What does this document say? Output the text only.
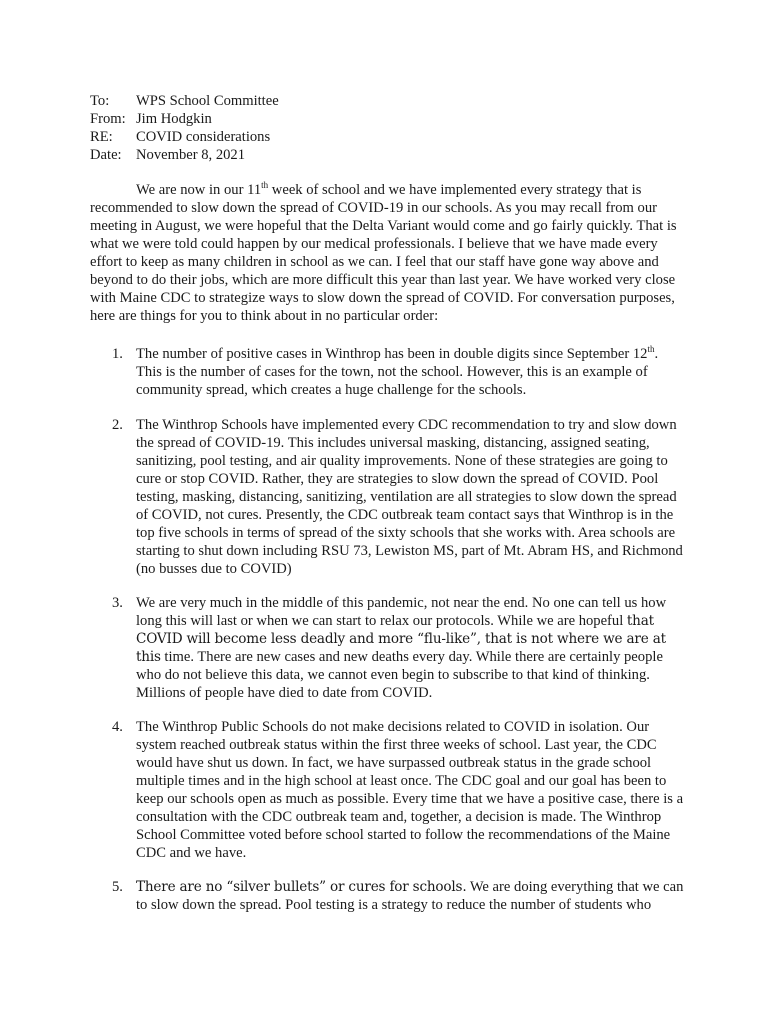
To:	WPS School Committee
From: Jim Hodgkin
RE:	COVID considerations
Date: November 8, 2021

We are now in our 11th week of school and we have implemented every strategy that is recommended to slow down the spread of COVID-19 in our schools. As you may recall from our meeting in August, we were hopeful that the Delta Variant would come and go fairly quickly. That is what we were told could happen by our medical professionals. I believe that we have made every effort to keep as many children in school as we can. I feel that our staff have gone way above and beyond to do their jobs, which are more difficult this year than last year. We have worked very close with Maine CDC to strategize ways to slow down the spread of COVID. For conversation purposes, here are things for you to think about in no particular order:

1. The number of positive cases in Winthrop has been in double digits since September 12th. This is the number of cases for the town, not the school. However, this is an example of community spread, which creates a huge challenge for the schools.

2. The Winthrop Schools have implemented every CDC recommendation to try and slow down the spread of COVID-19. This includes universal masking, distancing, assigned seating, sanitizing, pool testing, and air quality improvements. None of these strategies are going to cure or stop COVID. Rather, they are strategies to slow down the spread of COVID. Pool testing, masking, distancing, sanitizing, ventilation are all strategies to slow down the spread of COVID, not cures. Presently, the CDC outbreak team contact says that Winthrop is in the top five schools in terms of spread of the sixty schools that she works with. Area schools are starting to shut down including RSU 73, Lewiston MS, part of Mt. Abram HS, and Richmond (no busses due to COVID)

3. We are very much in the middle of this pandemic, not near the end. No one can tell us how long this will last or when we can start to relax our protocols. While we are hopeful that COVID will become less deadly and more “flu-like”, that is not where we are at this time. There are new cases and new deaths every day. While there are certainly people who do not believe this data, we cannot even begin to subscribe to that kind of thinking. Millions of people have died to date from COVID.

4. The Winthrop Public Schools do not make decisions related to COVID in isolation. Our system reached outbreak status within the first three weeks of school. Last year, the CDC would have shut us down. In fact, we have surpassed outbreak status in the grade school multiple times and in the high school at least once. The CDC goal and our goal has been to keep our schools open as much as possible. Every time that we have a positive case, there is a consultation with the CDC outbreak team and, together, a decision is made. The Winthrop School Committee voted before school started to follow the recommendations of the Maine CDC and we have.

5. There are no “silver bullets” or cures for schools. We are doing everything that we can to slow down the spread. Pool testing is a strategy to reduce the number of students who
